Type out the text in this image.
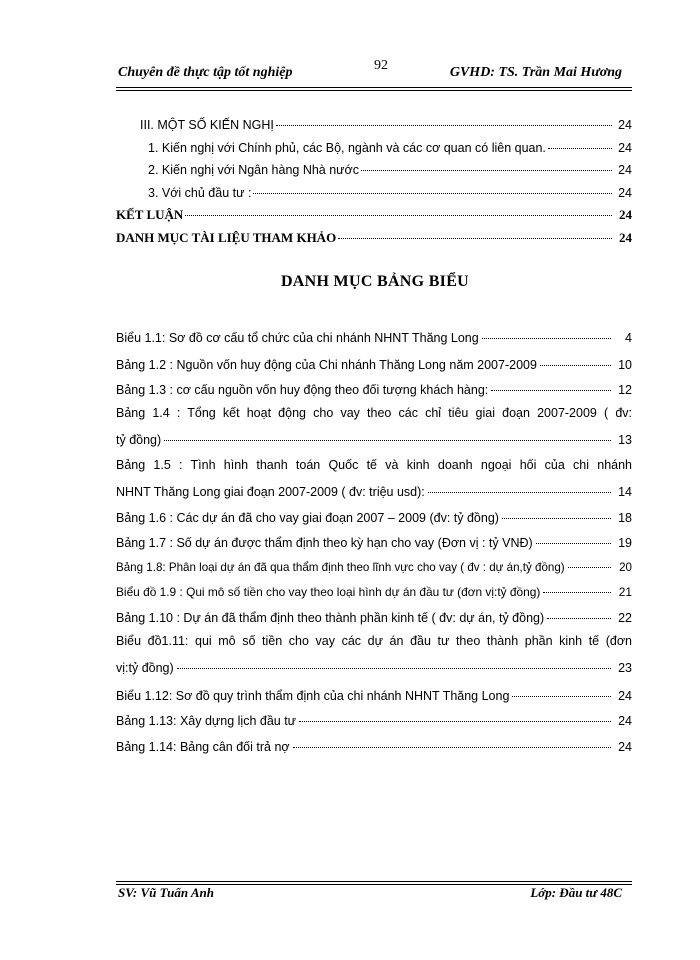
Chuyên đề thực tập tốt nghiệp	92	GVHD: TS. Trần Mai Hương
III. MỘT SỐ KIẾN NGHỊ	24
1. Kiến nghị với Chính phủ, các Bộ, ngành và các cơ quan có liên quan.	24
2. Kiến nghị với Ngân hàng Nhà nước	24
3. Với chủ đầu tư :	24
KẾT LUẬN	24
DANH MỤC TÀI LIỆU THAM KHẢO	24
DANH MỤC BẢNG BIỂU
Biểu 1.1: Sơ đồ cơ cấu tổ chức của chi nhánh NHNT Thăng Long	4
Bảng 1.2 : Nguồn vốn huy động của Chi nhánh Thăng Long năm 2007-2009	10
Bảng 1.3 : cơ cấu nguồn vốn huy động theo đối tượng khách hàng:	12
Bảng 1.4 : Tổng kết hoạt động cho vay theo các chỉ tiêu giai đoạn 2007-2009 ( đv:
tỷ đồng)	13
Bảng 1.5 : Tình hình thanh toán Quốc tế và kinh doanh ngoại hối của chi nhánh
NHNT Thăng Long giai đoạn 2007-2009 ( đv: triệu usd):	14
Bảng 1.6 : Các dự án đã cho vay giai đoạn 2007 – 2009 (đv: tỷ đồng)	18
Bảng 1.7 : Số dự án được thẩm định theo kỳ hạn cho vay (Đơn vị : tỷ VNĐ)	19
Bảng 1.8: Phân loại dự án đã qua thẩm định theo lĩnh vực cho vay ( đv : dự án,tỷ đồng)	20
Biểu đồ 1.9 : Qui mô số tiền cho vay theo loại hình dự án đầu tư (đơn vị:tỷ đồng)	21
Bảng 1.10 : Dự án đã thẩm định theo thành phần kinh tế ( đv: dự án, tỷ đồng)	22
Biểu đồ1.11: qui mô số tiền cho vay các dự án đầu tư theo thành phần kinh tế (đơn
vị:tỷ đồng)	23
Biểu 1.12: Sơ đồ quy trình thẩm định của chi nhánh NHNT Thăng Long	24
Bảng 1.13: Xây dựng lịch đầu tư	24
Bảng 1.14: Bảng cân đối trả nợ	24
SV: Vũ Tuấn Anh	Lớp: Đầu tư 48C
